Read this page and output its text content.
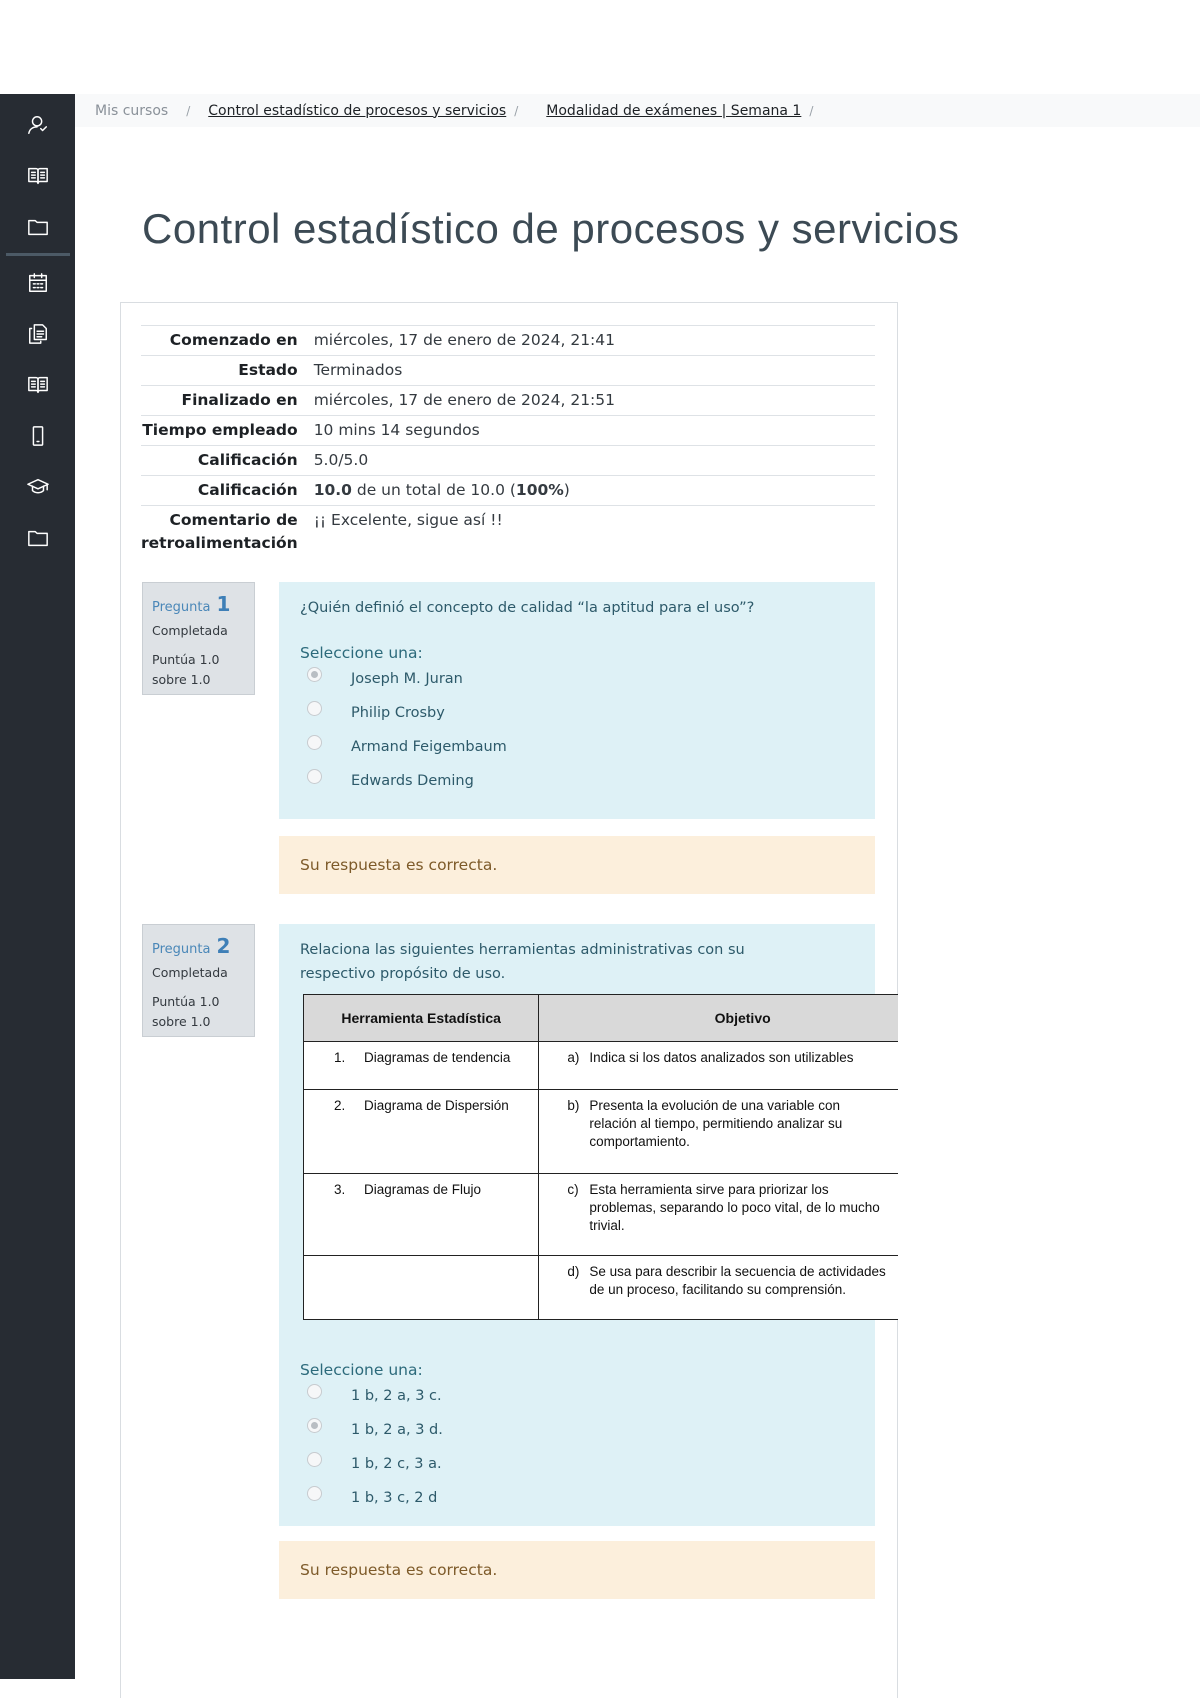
Mis cursos / Control estadístico de procesos y servicios / Modalidad de exámenes | Semana 1 /
Control estadístico de procesos y servicios
Comenzado en	miércoles, 17 de enero de 2024, 21:41
Estado	Terminados
Finalizado en	miércoles, 17 de enero de 2024, 21:51
Tiempo empleado	10 mins 14 segundos
Calificación	5.0/5.0
Calificación	10.0 de un total de 10.0 (100%)
Comentario de retroalimentación	¡¡ Excelente, sigue así !!
Pregunta 1
Completada
Puntúa 1.0 sobre 1.0
¿Quién definió el concepto de calidad “la aptitud para el uso”?
Seleccione una:
Joseph M. Juran
Philip Crosby
Armand Feigembaum
Edwards Deming
Su respuesta es correcta.
Pregunta 2
Completada
Puntúa 1.0 sobre 1.0
Relaciona las siguientes herramientas administrativas con su respectivo propósito de uso.
Seleccione una:
1 b, 2 a, 3 c.
1 b, 2 a, 3 d.
1 b, 2 c, 3 a.
1 b, 3 c, 2 d
Herramienta Estadística	Objetivo
1. Diagramas de tendencia	a) Indica si los datos analizados son utilizables
2. Diagrama de Dispersión	b) Presenta la evolución de una variable con relación al tiempo, permitiendo analizar su comportamiento.
3. Diagramas de Flujo	c) Esta herramienta sirve para priorizar los problemas, separando lo poco vital, de lo mucho trivial.
	d) Se usa para describir la secuencia de actividades de un proceso, facilitando su comprensión.
Su respuesta es correcta.
